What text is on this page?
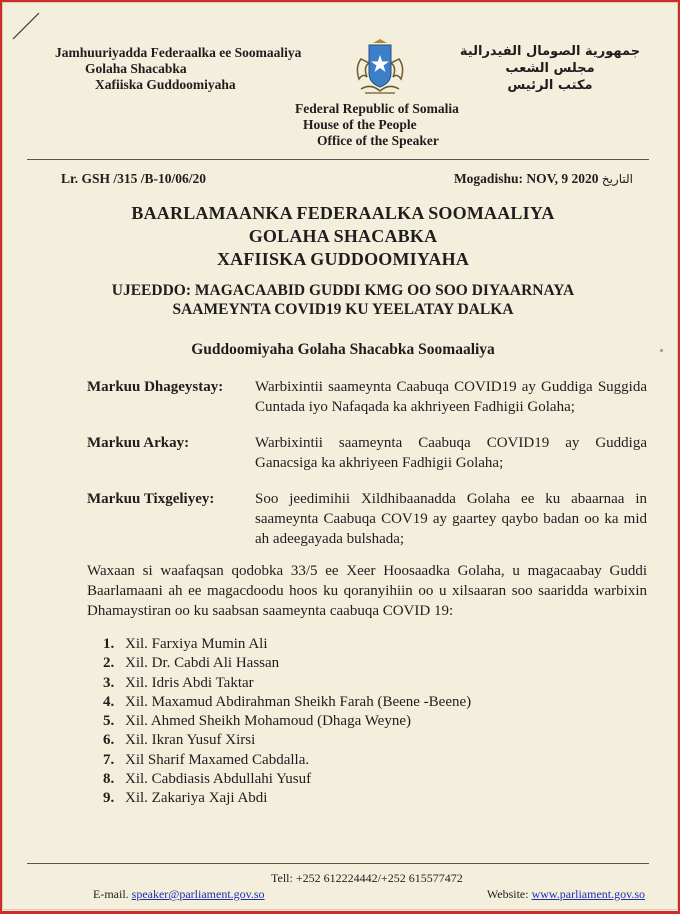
Jamhuuriyadda Federaalka ee Soomaaliya
Golaha Shacabka
Xafiiska Guddoomiyaha
جمهورية الصومال الفيدرالية
مجلس الشعب
مكتب الرئيس
Federal Republic of Somalia
House of the People
Office of the Speaker
Lr. GSH /315 /B-10/06/20	Mogadishu: NOV, 9 2020 التاريخ
BAARLAMAANKA FEDERAALKA SOOMAALIYA
GOLAHA SHACABKA
XAFIISKA GUDDOOMIYAHA
UJEEDDO: MAGACAABID GUDDI KMG OO SOO DIYAARNAYA
SAAMEYNTA COVID19 KU YEELATAY DALKA
Guddoomiyaha Golaha Shacabka Soomaaliya
Markuu Dhageystay:	Warbixintii saameynta Caabuqa COVID19 ay Guddiga Suggida Cuntada iyo Nafaqada ka akhriyeen Fadhigii Golaha;
Markuu Arkay:	Warbixintii saameynta Caabuqa COVID19 ay Guddiga Ganacsiga ka akhriyeen Fadhigii Golaha;
Markuu Tixgeliyey:	Soo jeedimihii Xildhibaanadda Golaha ee ku abaarnaa in saameynta Caabuqa COV19 ay gaartey qaybo badan oo ka mid ah adeegayada bulshada;
Waxaan si waafaqsan qodobka 33/5 ee Xeer Hoosaadka Golaha, u magacaabay Guddi Baarlamaani ah ee magacdoodu hoos ku qoranyihiin oo u xilsaaran soo saaridda warbixin Dhamaystiran oo ku saabsan saameynta caabuqa COVID 19:
1. Xil. Farxiya Mumin Ali
2. Xil. Dr. Cabdi Ali Hassan
3. Xil. Idris Abdi Taktar
4. Xil. Maxamud Abdirahman Sheikh Farah (Beene -Beene)
5. Xil. Ahmed Sheikh Mohamoud (Dhaga Weyne)
6. Xil. Ikran Yusuf Xirsi
7. Xil Sharif Maxamed Cabdalla.
8. Xil. Cabdiasis Abdullahi Yusuf
9. Xil. Zakariya Xaji Abdi
Tell: +252 612224442/+252 615577472
E-mail. speaker@parliament.gov.so	Website: www.parliament.gov.so
